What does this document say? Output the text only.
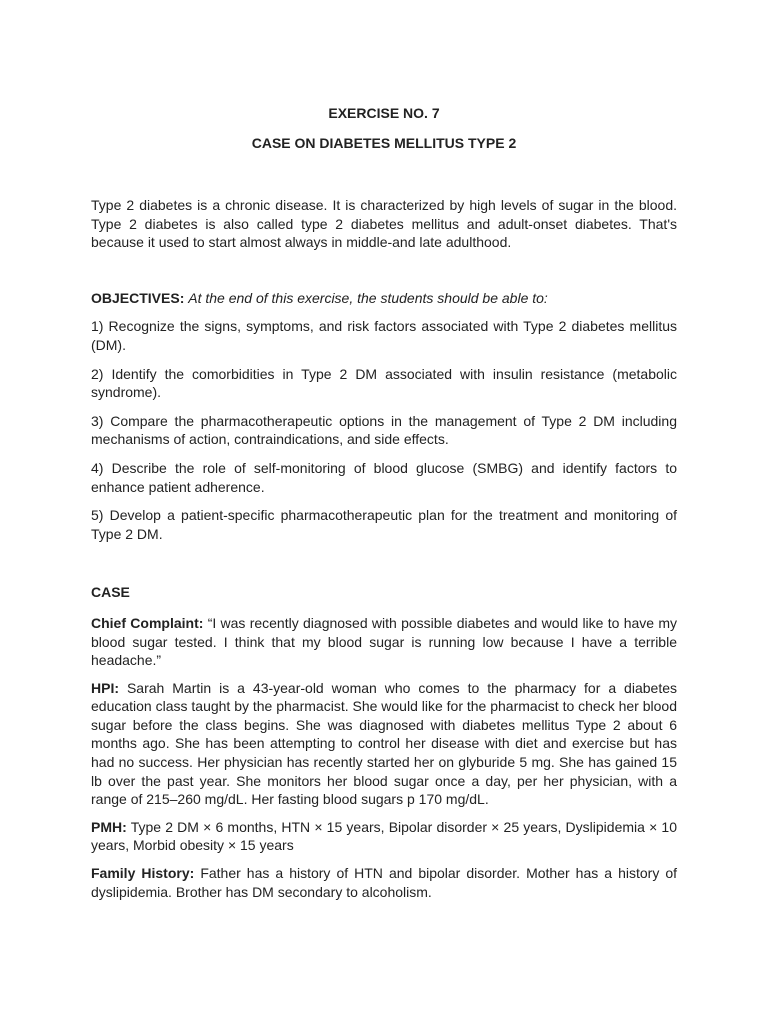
EXERCISE NO. 7
CASE ON DIABETES MELLITUS TYPE 2

Type 2 diabetes is a chronic disease. It is characterized by high levels of sugar in the blood. Type 2 diabetes is also called type 2 diabetes mellitus and adult-onset diabetes. That's because it used to start almost always in middle-and late adulthood.

OBJECTIVES: At the end of this exercise, the students should be able to:

1) Recognize the signs, symptoms, and risk factors associated with Type 2 diabetes mellitus (DM).

2) Identify the comorbidities in Type 2 DM associated with insulin resistance (metabolic syndrome).

3) Compare the pharmacotherapeutic options in the management of Type 2 DM including mechanisms of action, contraindications, and side effects.

4) Describe the role of self-monitoring of blood glucose (SMBG) and identify factors to enhance patient adherence.

5) Develop a patient-specific pharmacotherapeutic plan for the treatment and monitoring of Type 2 DM.

CASE

Chief Complaint: “I was recently diagnosed with possible diabetes and would like to have my blood sugar tested. I think that my blood sugar is running low because I have a terrible headache.”

HPI: Sarah Martin is a 43-year-old woman who comes to the pharmacy for a diabetes education class taught by the pharmacist. She would like for the pharmacist to check her blood sugar before the class begins. She was diagnosed with diabetes mellitus Type 2 about 6 months ago. She has been attempting to control her disease with diet and exercise but has had no success. Her physician has recently started her on glyburide 5 mg. She has gained 15 lb over the past year. She monitors her blood sugar once a day, per her physician, with a range of 215–260 mg/dL. Her fasting blood sugars p 170 mg/dL.

PMH: Type 2 DM × 6 months, HTN × 15 years, Bipolar disorder × 25 years, Dyslipidemia × 10 years, Morbid obesity × 15 years

Family History: Father has a history of HTN and bipolar disorder. Mother has a history of dyslipidemia. Brother has DM secondary to alcoholism.
